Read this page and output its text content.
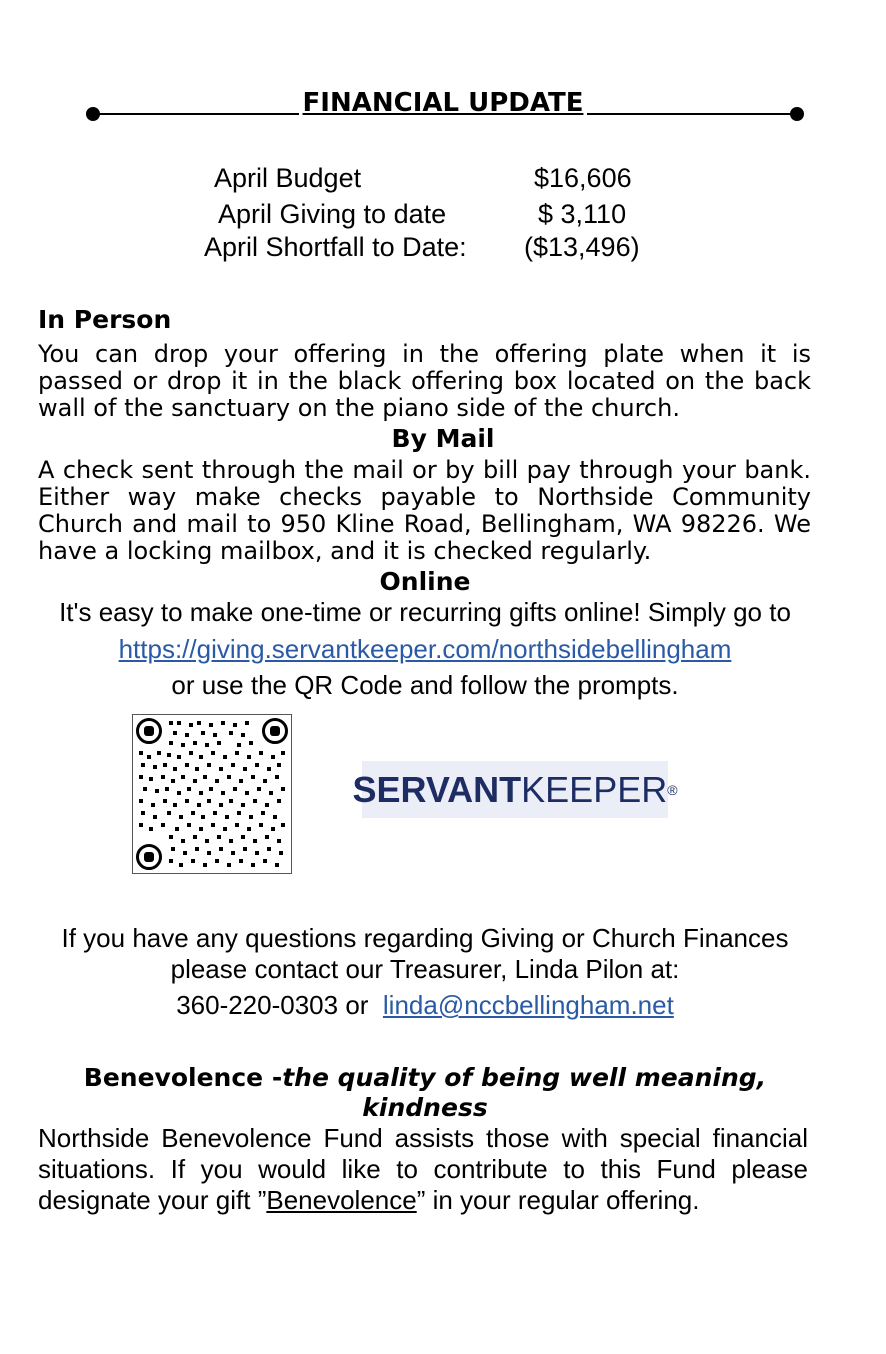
FINANCIAL UPDATE
April Budget	$16,606
April Giving to date	$ 3,110
April Shortfall to Date: ($13,496)
In Person
You can drop your offering in the offering plate when it is passed or drop it in the black offering box located on the back wall of the sanctuary on the piano side of the church.
By Mail
A check sent through the mail or by bill pay through your bank. Either way make checks payable to Northside Community Church and mail to 950 Kline Road, Bellingham, WA 98226. We have a locking mailbox, and it is checked regularly.
Online
It's easy to make one-time or recurring gifts online! Simply go to
https://giving.servantkeeper.com/northsidebellingham
or use the QR Code and follow the prompts.
SERVANT KEEPER ®
If you have any questions regarding Giving or Church Finances
please contact our Treasurer, Linda Pilon at:
360-220-0303 or linda@nccbellingham.net
Benevolence -the quality of being well meaning,
kindness
Northside Benevolence Fund assists those with special financial situations. If you would like to contribute to this Fund please designate your gift ”Benevolence” in your regular offering.
